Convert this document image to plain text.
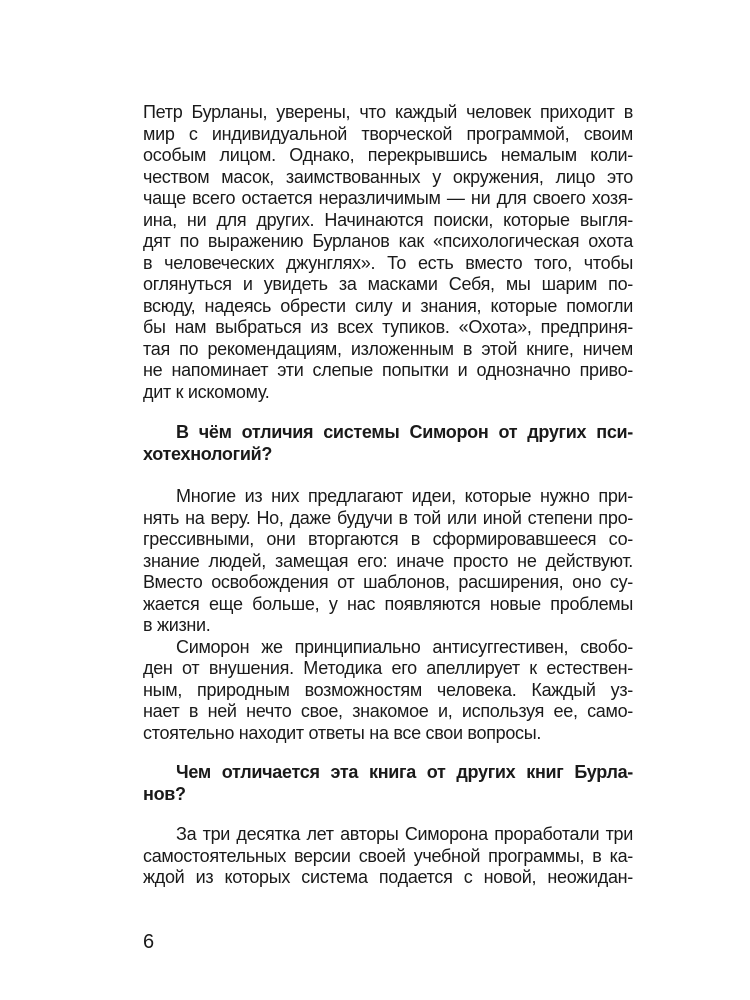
Петр Бурланы, уверены, что каждый человек приходит в
мир с индивидуальной творческой программой, своим
особым лицом. Однако, перекрывшись немалым коли-
чеством масок, заимствованных у окружения, лицо это
чаще всего остается неразличимым — ни для своего хозя-
ина, ни для других. Начинаются поиски, которые выгля-
дят по выражению Бурланов как «психологическая охота
в человеческих джунглях». То есть вместо того, чтобы
оглянуться и увидеть за масками Себя, мы шарим по-
всюду, надеясь обрести силу и знания, которые помогли
бы нам выбраться из всех тупиков. «Охота», предприня-
тая по рекомендациям, изложенным в этой книге, ничем
не напоминает эти слепые попытки и однозначно приво-
дит к искомому.
В чём отличия системы Симорон от других пси-
хотехнологий?
Многие из них предлагают идеи, которые нужно при-
нять на веру. Но, даже будучи в той или иной степени про-
грессивными, они вторгаются в сформировавшееся со-
знание людей, замещая его: иначе просто не действуют.
Вместо освобождения от шаблонов, расширения, оно су-
жается еще больше, у нас появляются новые проблемы
в жизни.
Симорон же принципиально антисуггестивен, свобо-
ден от внушения. Методика его апеллирует к естествен-
ным, природным возможностям человека. Каждый уз-
нает в ней нечто свое, знакомое и, используя ее, само-
стоятельно находит ответы на все свои вопросы.
Чем отличается эта книга от других книг Бурла-
нов?
За три десятка лет авторы Симорона проработали три
самостоятельных версии своей учебной программы, в ка-
ждой из которых система подается с новой, неожидан-
6
